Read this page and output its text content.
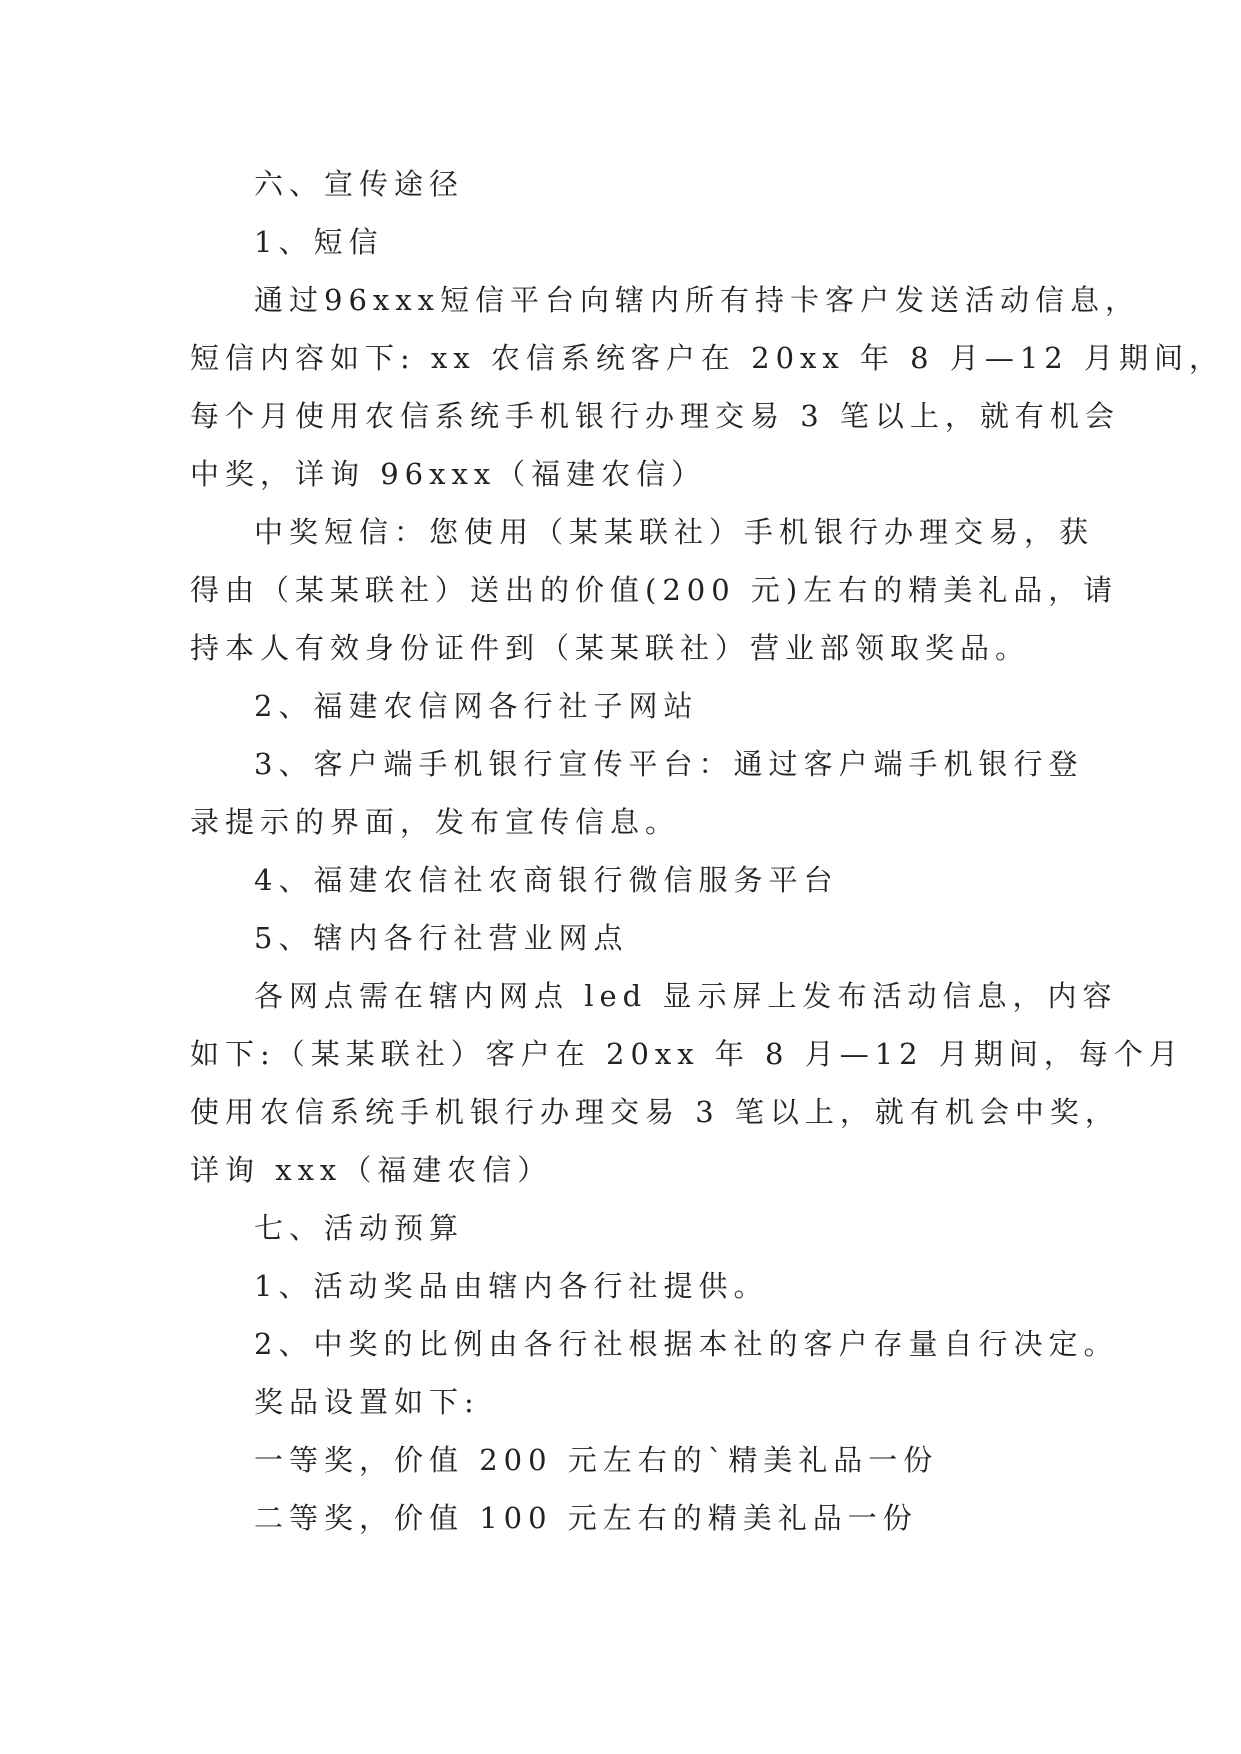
六、宣传途径
1、短信
通过96xxx短信平台向辖内所有持卡客户发送活动信息，
短信内容如下: xx 农信系统客户在 20xx 年 8 月—12 月期间，
每个月使用农信系统手机银行办理交易 3 笔以上，就有机会
中奖，详询 96xxx（福建农信）
中奖短信：您使用（某某联社）手机银行办理交易，获
得由（某某联社）送出的价值(200 元)左右的精美礼品，请
持本人有效身份证件到（某某联社）营业部领取奖品。
2、福建农信网各行社子网站
3、客户端手机银行宣传平台：通过客户端手机银行登
录提示的界面，发布宣传信息。
4、福建农信社农商银行微信服务平台
5、辖内各行社营业网点
各网点需在辖内网点 led 显示屏上发布活动信息，内容
如下:（某某联社）客户在 20xx 年 8 月—12 月期间，每个月
使用农信系统手机银行办理交易 3 笔以上，就有机会中奖，
详询 xxx（福建农信）
七、活动预算
1、活动奖品由辖内各行社提供。
2、中奖的比例由各行社根据本社的客户存量自行决定。
奖品设置如下:
一等奖，价值 200 元左右的`精美礼品一份
二等奖，价值 100 元左右的精美礼品一份
